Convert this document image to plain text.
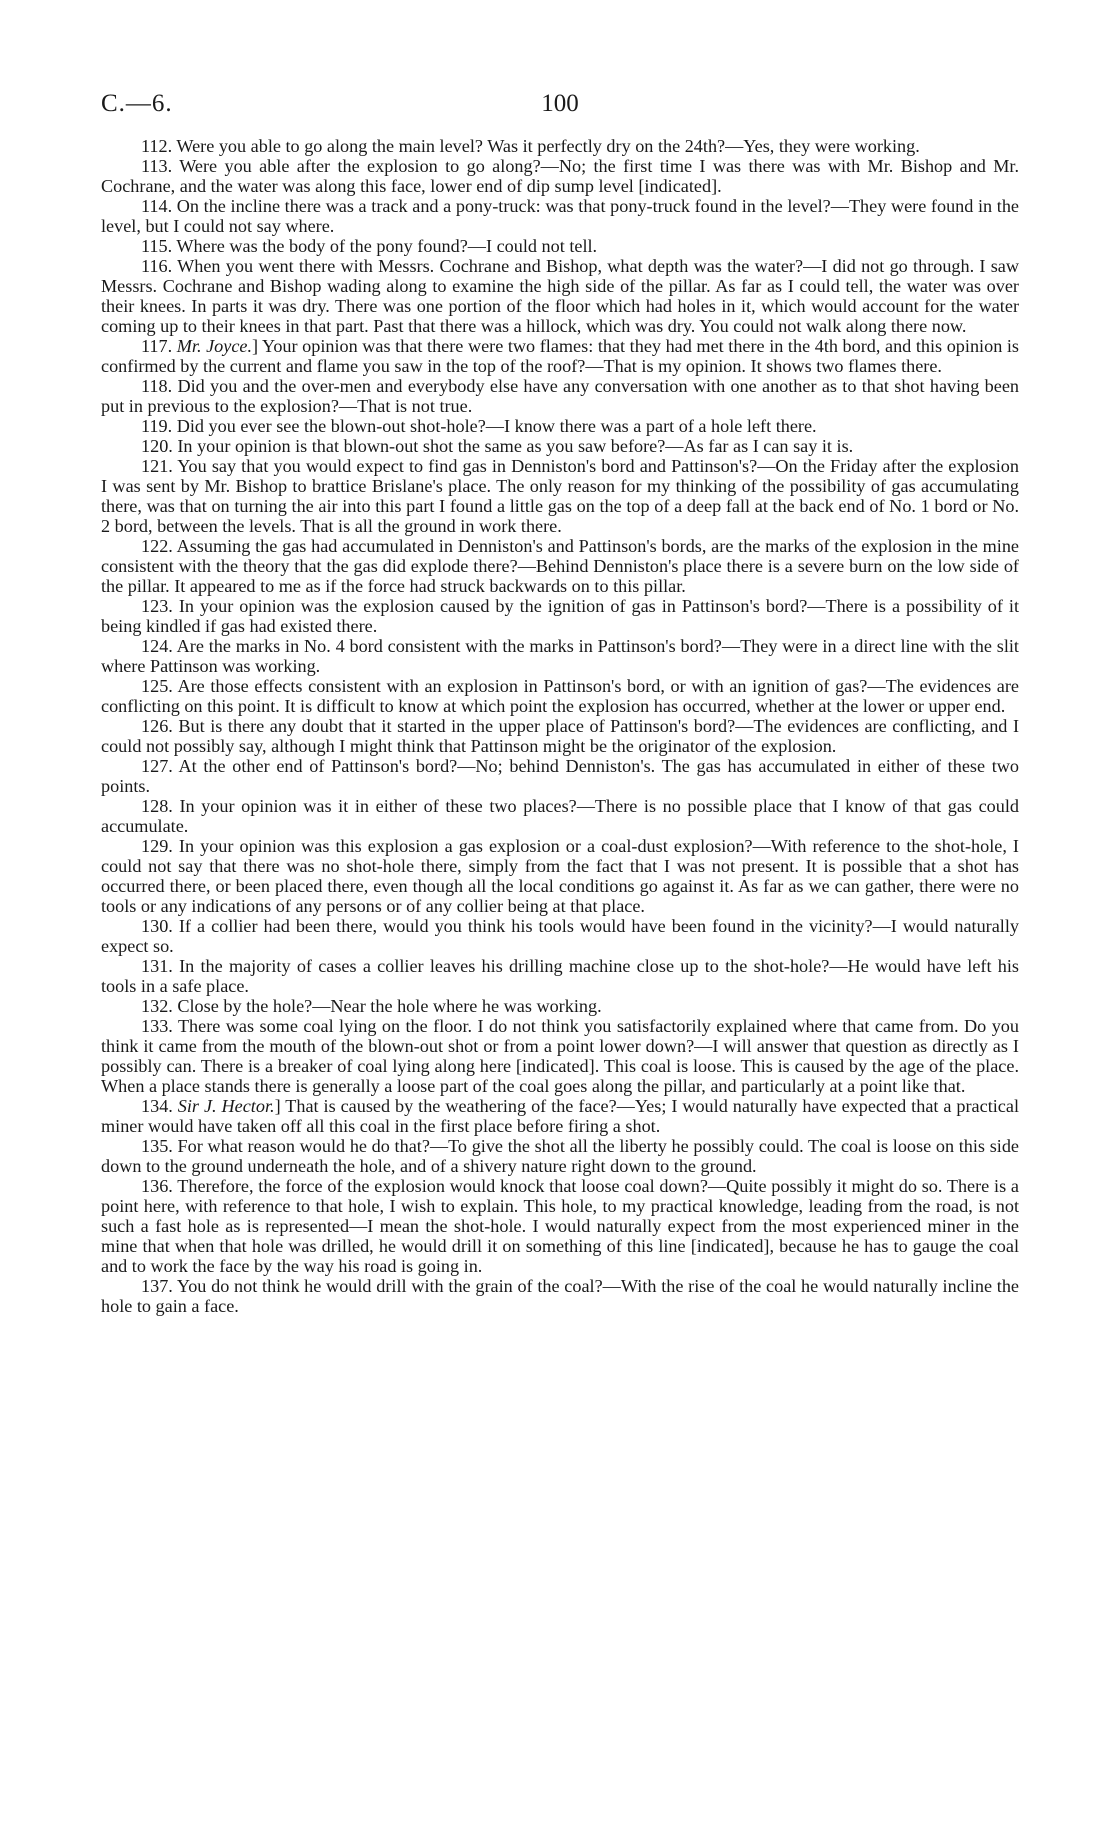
C.—6.	100

112. Were you able to go along the main level? Was it perfectly dry on the 24th?—Yes, they were working.

113. Were you able after the explosion to go along?—No; the first time I was there was with Mr. Bishop and Mr. Cochrane, and the water was along this face, lower end of dip sump level [indicated].

114. On the incline there was a track and a pony-truck: was that pony-truck found in the level?—They were found in the level, but I could not say where.

115. Where was the body of the pony found?—I could not tell.

116. When you went there with Messrs. Cochrane and Bishop, what depth was the water?—I did not go through. I saw Messrs. Cochrane and Bishop wading along to examine the high side of the pillar. As far as I could tell, the water was over their knees. In parts it was dry. There was one portion of the floor which had holes in it, which would account for the water coming up to their knees in that part. Past that there was a hillock, which was dry. You could not walk along there now.

117. Mr. Joyce.] Your opinion was that there were two flames: that they had met there in the 4th bord, and this opinion is confirmed by the current and flame you saw in the top of the roof?—That is my opinion. It shows two flames there.

118. Did you and the over-men and everybody else have any conversation with one another as to that shot having been put in previous to the explosion?—That is not true.

119. Did you ever see the blown-out shot-hole?—I know there was a part of a hole left there.

120. In your opinion is that blown-out shot the same as you saw before?—As far as I can say it is.

121. You say that you would expect to find gas in Denniston's bord and Pattinson's?—On the Friday after the explosion I was sent by Mr. Bishop to brattice Brislane's place. The only reason for my thinking of the possibility of gas accumulating there, was that on turning the air into this part I found a little gas on the top of a deep fall at the back end of No. 1 bord or No. 2 bord, between the levels. That is all the ground in work there.

122. Assuming the gas had accumulated in Denniston's and Pattinson's bords, are the marks of the explosion in the mine consistent with the theory that the gas did explode there?—Behind Denniston's place there is a severe burn on the low side of the pillar. It appeared to me as if the force had struck backwards on to this pillar.

123. In your opinion was the explosion caused by the ignition of gas in Pattinson's bord?—There is a possibility of it being kindled if gas had existed there.

124. Are the marks in No. 4 bord consistent with the marks in Pattinson's bord?—They were in a direct line with the slit where Pattinson was working.

125. Are those effects consistent with an explosion in Pattinson's bord, or with an ignition of gas?—The evidences are conflicting on this point. It is difficult to know at which point the explosion has occurred, whether at the lower or upper end.

126. But is there any doubt that it started in the upper place of Pattinson's bord?—The evidences are conflicting, and I could not possibly say, although I might think that Pattinson might be the originator of the explosion.

127. At the other end of Pattinson's bord?—No; behind Denniston's. The gas has accumulated in either of these two points.

128. In your opinion was it in either of these two places?—There is no possible place that I know of that gas could accumulate.

129. In your opinion was this explosion a gas explosion or a coal-dust explosion?—With reference to the shot-hole, I could not say that there was no shot-hole there, simply from the fact that I was not present. It is possible that a shot has occurred there, or been placed there, even though all the local conditions go against it. As far as we can gather, there were no tools or any indications of any persons or of any collier being at that place.

130. If a collier had been there, would you think his tools would have been found in the vicinity?—I would naturally expect so.

131. In the majority of cases a collier leaves his drilling machine close up to the shot-hole?—He would have left his tools in a safe place.

132. Close by the hole?—Near the hole where he was working.

133. There was some coal lying on the floor. I do not think you satisfactorily explained where that came from. Do you think it came from the mouth of the blown-out shot or from a point lower down?—I will answer that question as directly as I possibly can. There is a breaker of coal lying along here [indicated]. This coal is loose. This is caused by the age of the place. When a place stands there is generally a loose part of the coal goes along the pillar, and particularly at a point like that.

134. Sir J. Hector.] That is caused by the weathering of the face?—Yes; I would naturally have expected that a practical miner would have taken off all this coal in the first place before firing a shot.

135. For what reason would he do that?—To give the shot all the liberty he possibly could. The coal is loose on this side down to the ground underneath the hole, and of a shivery nature right down to the ground.

136. Therefore, the force of the explosion would knock that loose coal down?—Quite possibly it might do so. There is a point here, with reference to that hole, I wish to explain. This hole, to my practical knowledge, leading from the road, is not such a fast hole as is represented—I mean the shot-hole. I would naturally expect from the most experienced miner in the mine that when that hole was drilled, he would drill it on something of this line [indicated], because he has to gauge the coal and to work the face by the way his road is going in.

137. You do not think he would drill with the grain of the coal?—With the rise of the coal he would naturally incline the hole to gain a face.
